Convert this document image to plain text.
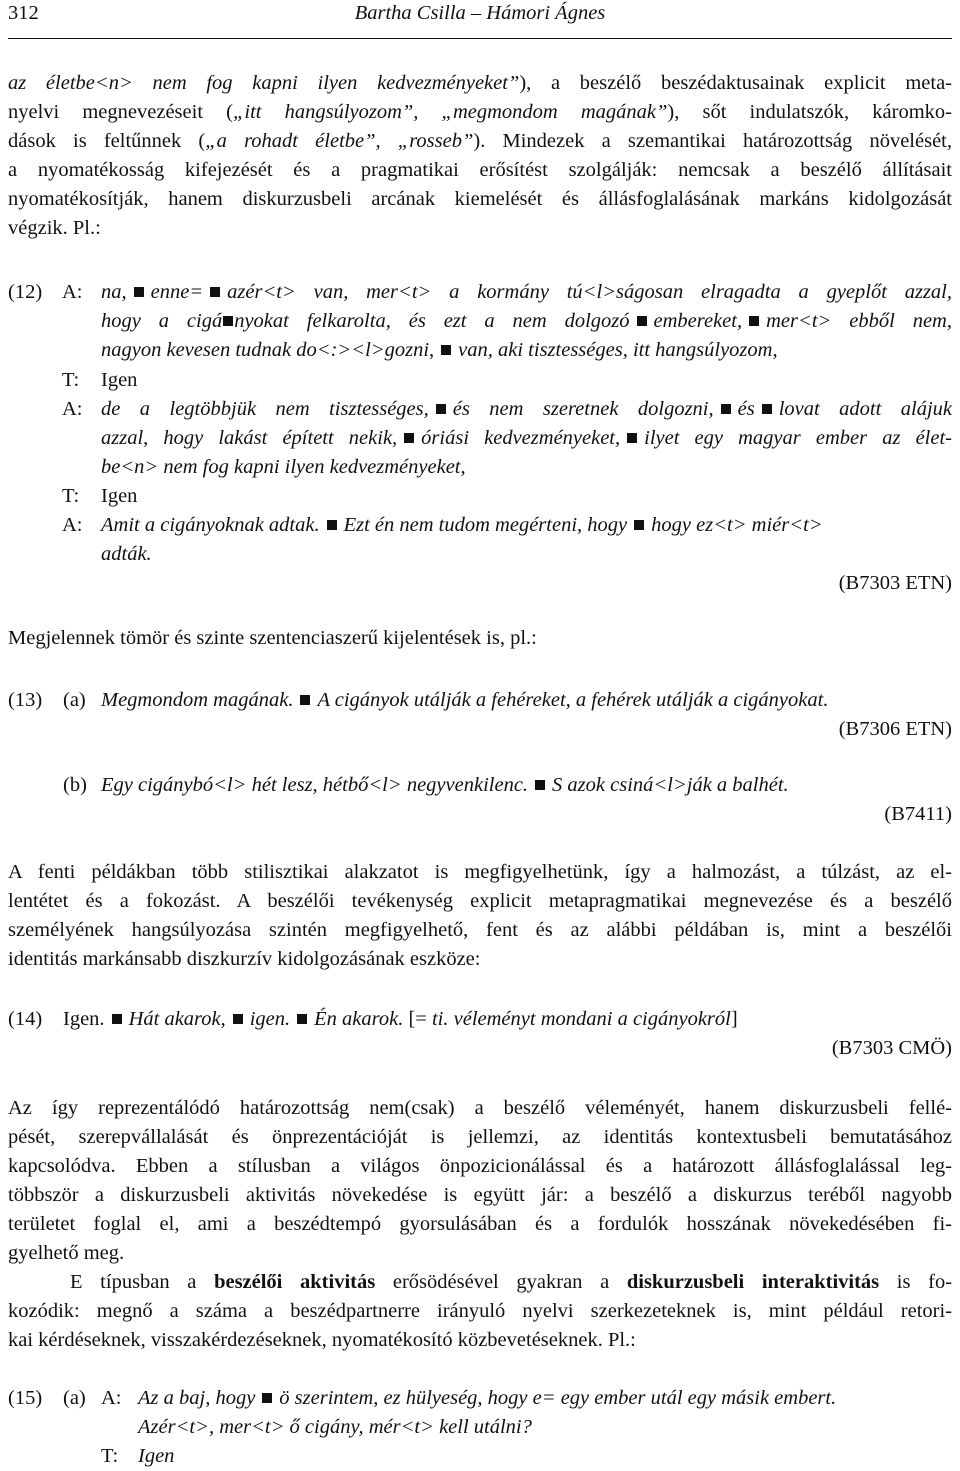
312	Bartha Csilla – Hámori Ágnes
az életbe<n> nem fog kapni ilyen kedvezményeket”), a beszélő beszédaktusainak explicit meta-
nyelvi megnevezéseit („itt hangsúlyozom”, „megmondom magának”), sőt indulatszók, káromko-
dások is feltűnnek („a rohadt életbe”, „rosseb”). Mindezek a szemantikai határozottság növelését,
a nyomatékosság kifejezését és a pragmatikai erősítést szolgálják: nemcsak a beszélő állításait
nyomatékosítják, hanem diskurzusbeli arcának kiemelését és állásfoglalásának markáns kidolgozását
végzik. Pl.:
(12) A: na, enne= azér<t> van, mer<t> a kormány tú<l>ságosan elragadta a gyeplőt azzal,
hogy a cigá nyokat felkarolta, és ezt a nem dolgozó embereket, mer<t> ebből nem,
nagyon kevesen tudnak do<:><l>gozni, van, aki tisztességes, itt hangsúlyozom,
T: Igen
A: de a legtöbbjük nem tisztességes, és nem szeretnek dolgozni, és lovat adott alájuk
azzal, hogy lakást épített nekik, óriási kedvezményeket, ilyet egy magyar ember az élet-
be<n> nem fog kapni ilyen kedvezményeket,
T: Igen
A: Amit a cigányoknak adtak. Ezt én nem tudom megérteni, hogy hogy ez<t> miér<t>
adták.
(B7303 ETN)
Megjelennek tömör és szinte szentenciaszerű kijelentések is, pl.:
(13) (a) Megmondom magának. A cigányok utálják a fehéreket, a fehérek utálják a cigányokat.
(B7306 ETN)
(b) Egy cigánybó<l> hét lesz, hétbő<l> negyvenkilenc. S azok csiná<l>ják a balhét.
(B7411)
A fenti példákban több stilisztikai alakzatot is megfigyelhetünk, így a halmozást, a túlzást, az el-
lentétet és a fokozást. A beszélői tevékenység explicit metapragmatikai megnevezése és a beszélő
személyének hangsúlyozása szintén megfigyelhető, fent és az alábbi példában is, mint a beszélői
identitás markánsabb diszkurzív kidolgozásának eszköze:
(14) Igen. Hát akarok, igen. Én akarok. [= ti. véleményt mondani a cigányokról]
(B7303 CMÖ)
Az így reprezentálódó határozottság nem(csak) a beszélő véleményét, hanem diskurzusbeli fellé-
pését, szerepvállalását és önprezentációját is jellemzi, az identitás kontextusbeli bemutatásához
kapcsolódva. Ebben a stílusban a világos önpozicionálással és a határozott állásfoglalással leg-
többször a diskurzusbeli aktivitás növekedése is együtt jár: a beszélő a diskurzus teréből nagyobb
területet foglal el, ami a beszédtempó gyorsulásában és a fordulók hosszának növekedésében fi-
gyelhető meg.
E típusban a beszélői aktivitás erősödésével gyakran a diskurzusbeli interaktivitás is fo-
kozódik: megnő a száma a beszédpartnerre irányuló nyelvi szerkezeteknek is, mint például retori-
kai kérdéseknek, visszakérdezéseknek, nyomatékosító közbevetéseknek. Pl.:
(15) (a) A: Az a baj, hogy ö szerintem, ez hülyeség, hogy e= egy ember utál egy másik embert.
Azér<t>, mer<t> ő cigány, mér<t> kell utálni?
T: Igen
